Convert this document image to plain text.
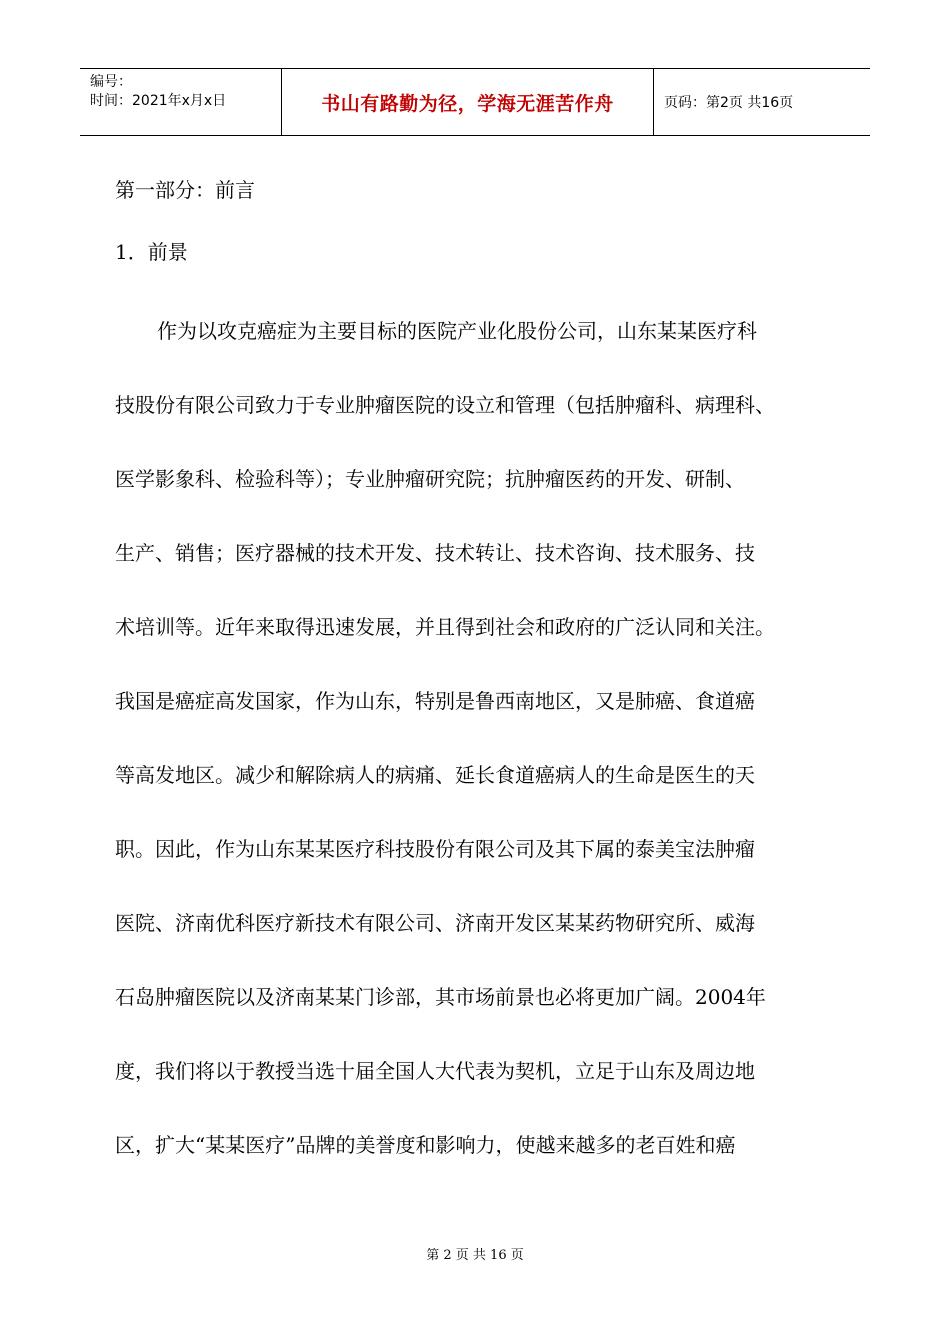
编号：
时间：2021年x月x日	书山有路勤为径，学海无涯苦作舟	页码：第2页 共16页
第一部分：前言
1．前景
作为以攻克癌症为主要目标的医院产业化股份公司，山东某某医疗科
技股份有限公司致力于专业肿瘤医院的设立和管理（包括肿瘤科、病理科、
医学影象科、检验科等）；专业肿瘤研究院；抗肿瘤医药的开发、研制、
生产、销售；医疗器械的技术开发、技术转让、技术咨询、技术服务、技
术培训等。近年来取得迅速发展，并且得到社会和政府的广泛认同和关注。
我国是癌症高发国家，作为山东，特别是鲁西南地区，又是肺癌、食道癌
等高发地区。减少和解除病人的病痛、延长食道癌病人的生命是医生的天
职。因此，作为山东某某医疗科技股份有限公司及其下属的泰美宝法肿瘤
医院、济南优科医疗新技术有限公司、济南开发区某某药物研究所、威海
石岛肿瘤医院以及济南某某门诊部，其市场前景也必将更加广阔。2004年
度，我们将以于教授当选十届全国人大代表为契机，立足于山东及周边地
区，扩大“某某医疗”品牌的美誉度和影响力，使越来越多的老百姓和癌
第 2 页 共 16 页
